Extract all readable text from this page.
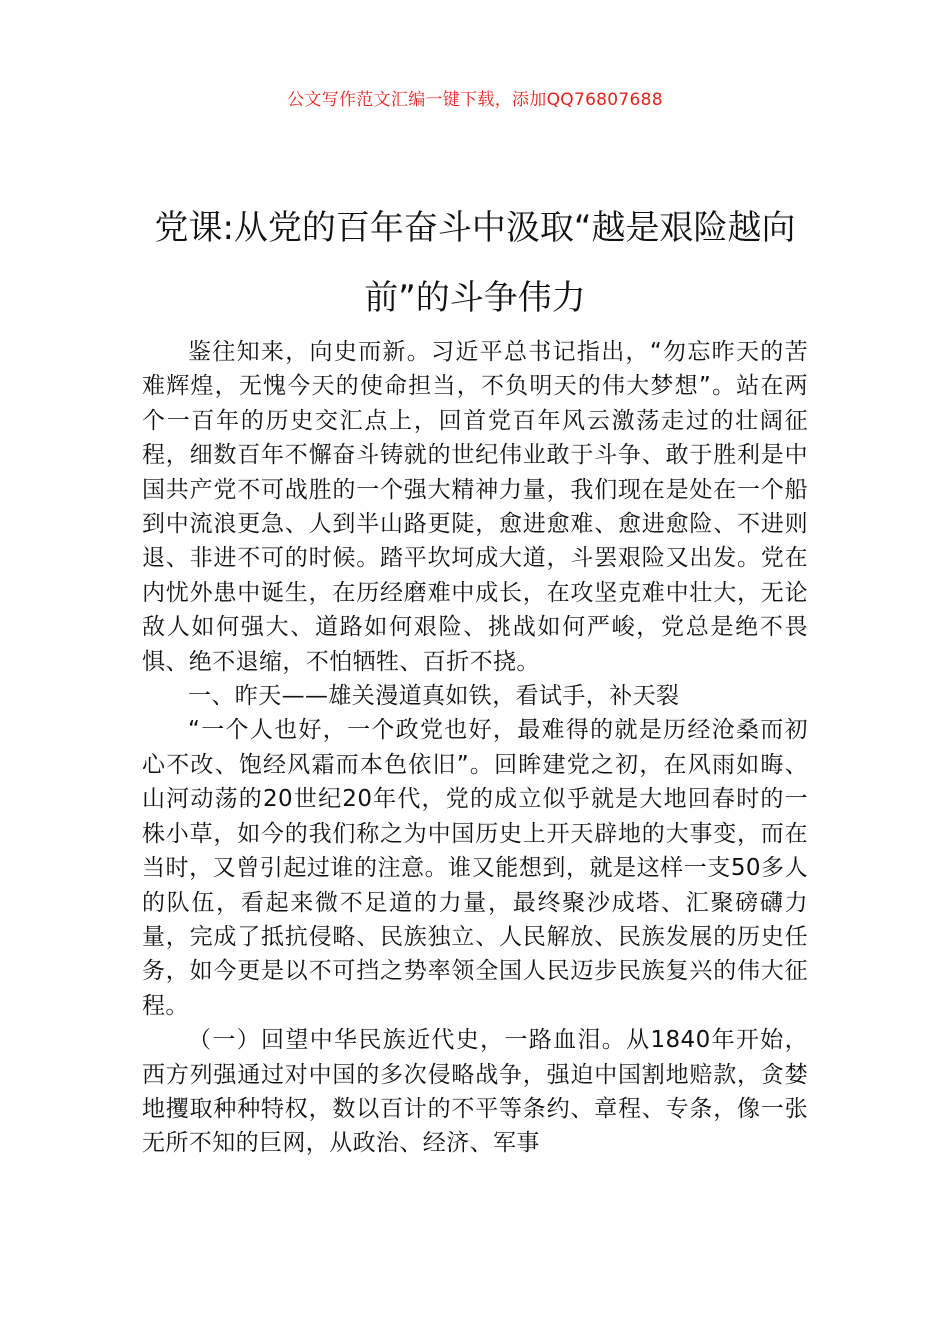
公文写作范文汇编一键下载，添加QQ76807688
党课:从党的百年奋斗中汲取“越是艰险越向前”的斗争伟力

鉴往知来，向史而新。习近平总书记指出，“勿忘昨天的苦难辉煌，无愧今天的使命担当，不负明天的伟大梦想”。站在两个一百年的历史交汇点上，回首党百年风云激荡走过的壮阔征程，细数百年不懈奋斗铸就的世纪伟业敢于斗争、敢于胜利是中国共产党不可战胜的一个强大精神力量，我们现在是处在一个船到中流浪更急、人到半山路更陡，愈进愈难、愈进愈险、不进则退、非进不可的时候。踏平坎坷成大道，斗罢艰险又出发。党在内忧外患中诞生，在历经磨难中成长，在攻坚克难中壮大，无论敌人如何强大、道路如何艰险、挑战如何严峻，党总是绝不畏惧、绝不退缩，不怕牺牲、百折不挠。

一、昨天——雄关漫道真如铁，看试手，补天裂

“一个人也好，一个政党也好，最难得的就是历经沧桑而初心不改、饱经风霜而本色依旧”。回眸建党之初，在风雨如晦、山河动荡的20世纪20年代，党的成立似乎就是大地回春时的一株小草，如今的我们称之为中国历史上开天辟地的大事变，而在当时，又曾引起过谁的注意。谁又能想到，就是这样一支50多人的队伍，看起来微不足道的力量，最终聚沙成塔、汇聚磅礴力量，完成了抵抗侵略、民族独立、人民解放、民族发展的历史任务，如今更是以不可挡之势率领全国人民迈步民族复兴的伟大征程。

（一）回望中华民族近代史，一路血泪。从1840年开始，西方列强通过对中国的多次侵略战争，强迫中国割地赔款，贪婪地攫取种种特权，数以百计的不平等条约、章程、专条，像一张无所不知的巨网，从政治、经济、军事
